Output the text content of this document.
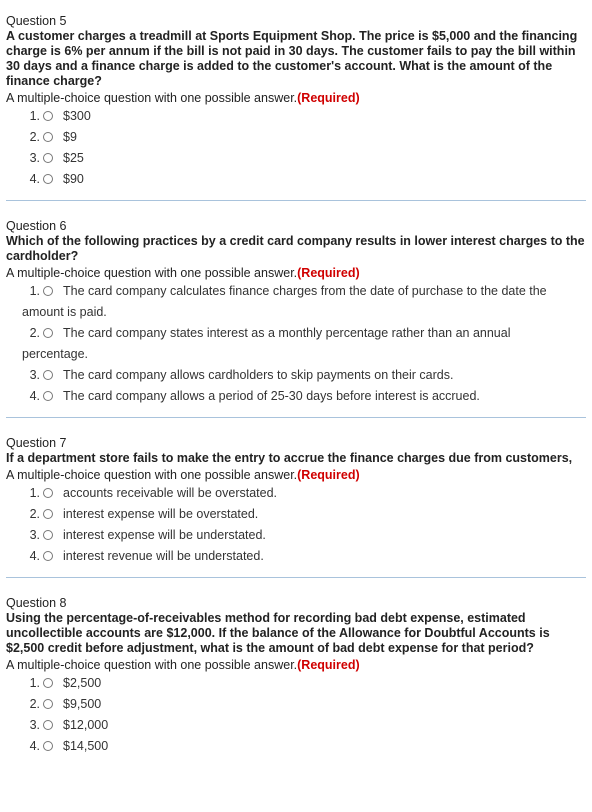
Question 5
A customer charges a treadmill at Sports Equipment Shop. The price is $5,000 and the financing charge is 6% per annum if the bill is not paid in 30 days. The customer fails to pay the bill within 30 days and a finance charge is added to the customer's account. What is the amount of the finance charge?
A multiple-choice question with one possible answer.(Required)
1. $300
2. $9
3. $25
4. $90
Question 6
Which of the following practices by a credit card company results in lower interest charges to the cardholder?
A multiple-choice question with one possible answer.(Required)
1. The card company calculates finance charges from the date of purchase to the date the
amount is paid.
2. The card company states interest as a monthly percentage rather than an annual
percentage.
3. The card company allows cardholders to skip payments on their cards.
4. The card company allows a period of 25-30 days before interest is accrued.
Question 7
If a department store fails to make the entry to accrue the finance charges due from customers,
A multiple-choice question with one possible answer.(Required)
1. accounts receivable will be overstated.
2. interest expense will be overstated.
3. interest expense will be understated.
4. interest revenue will be understated.
Question 8
Using the percentage-of-receivables method for recording bad debt expense, estimated uncollectible accounts are $12,000. If the balance of the Allowance for Doubtful Accounts is $2,500 credit before adjustment, what is the amount of bad debt expense for that period?
A multiple-choice question with one possible answer.(Required)
1. $2,500
2. $9,500
3. $12,000
4. $14,500
